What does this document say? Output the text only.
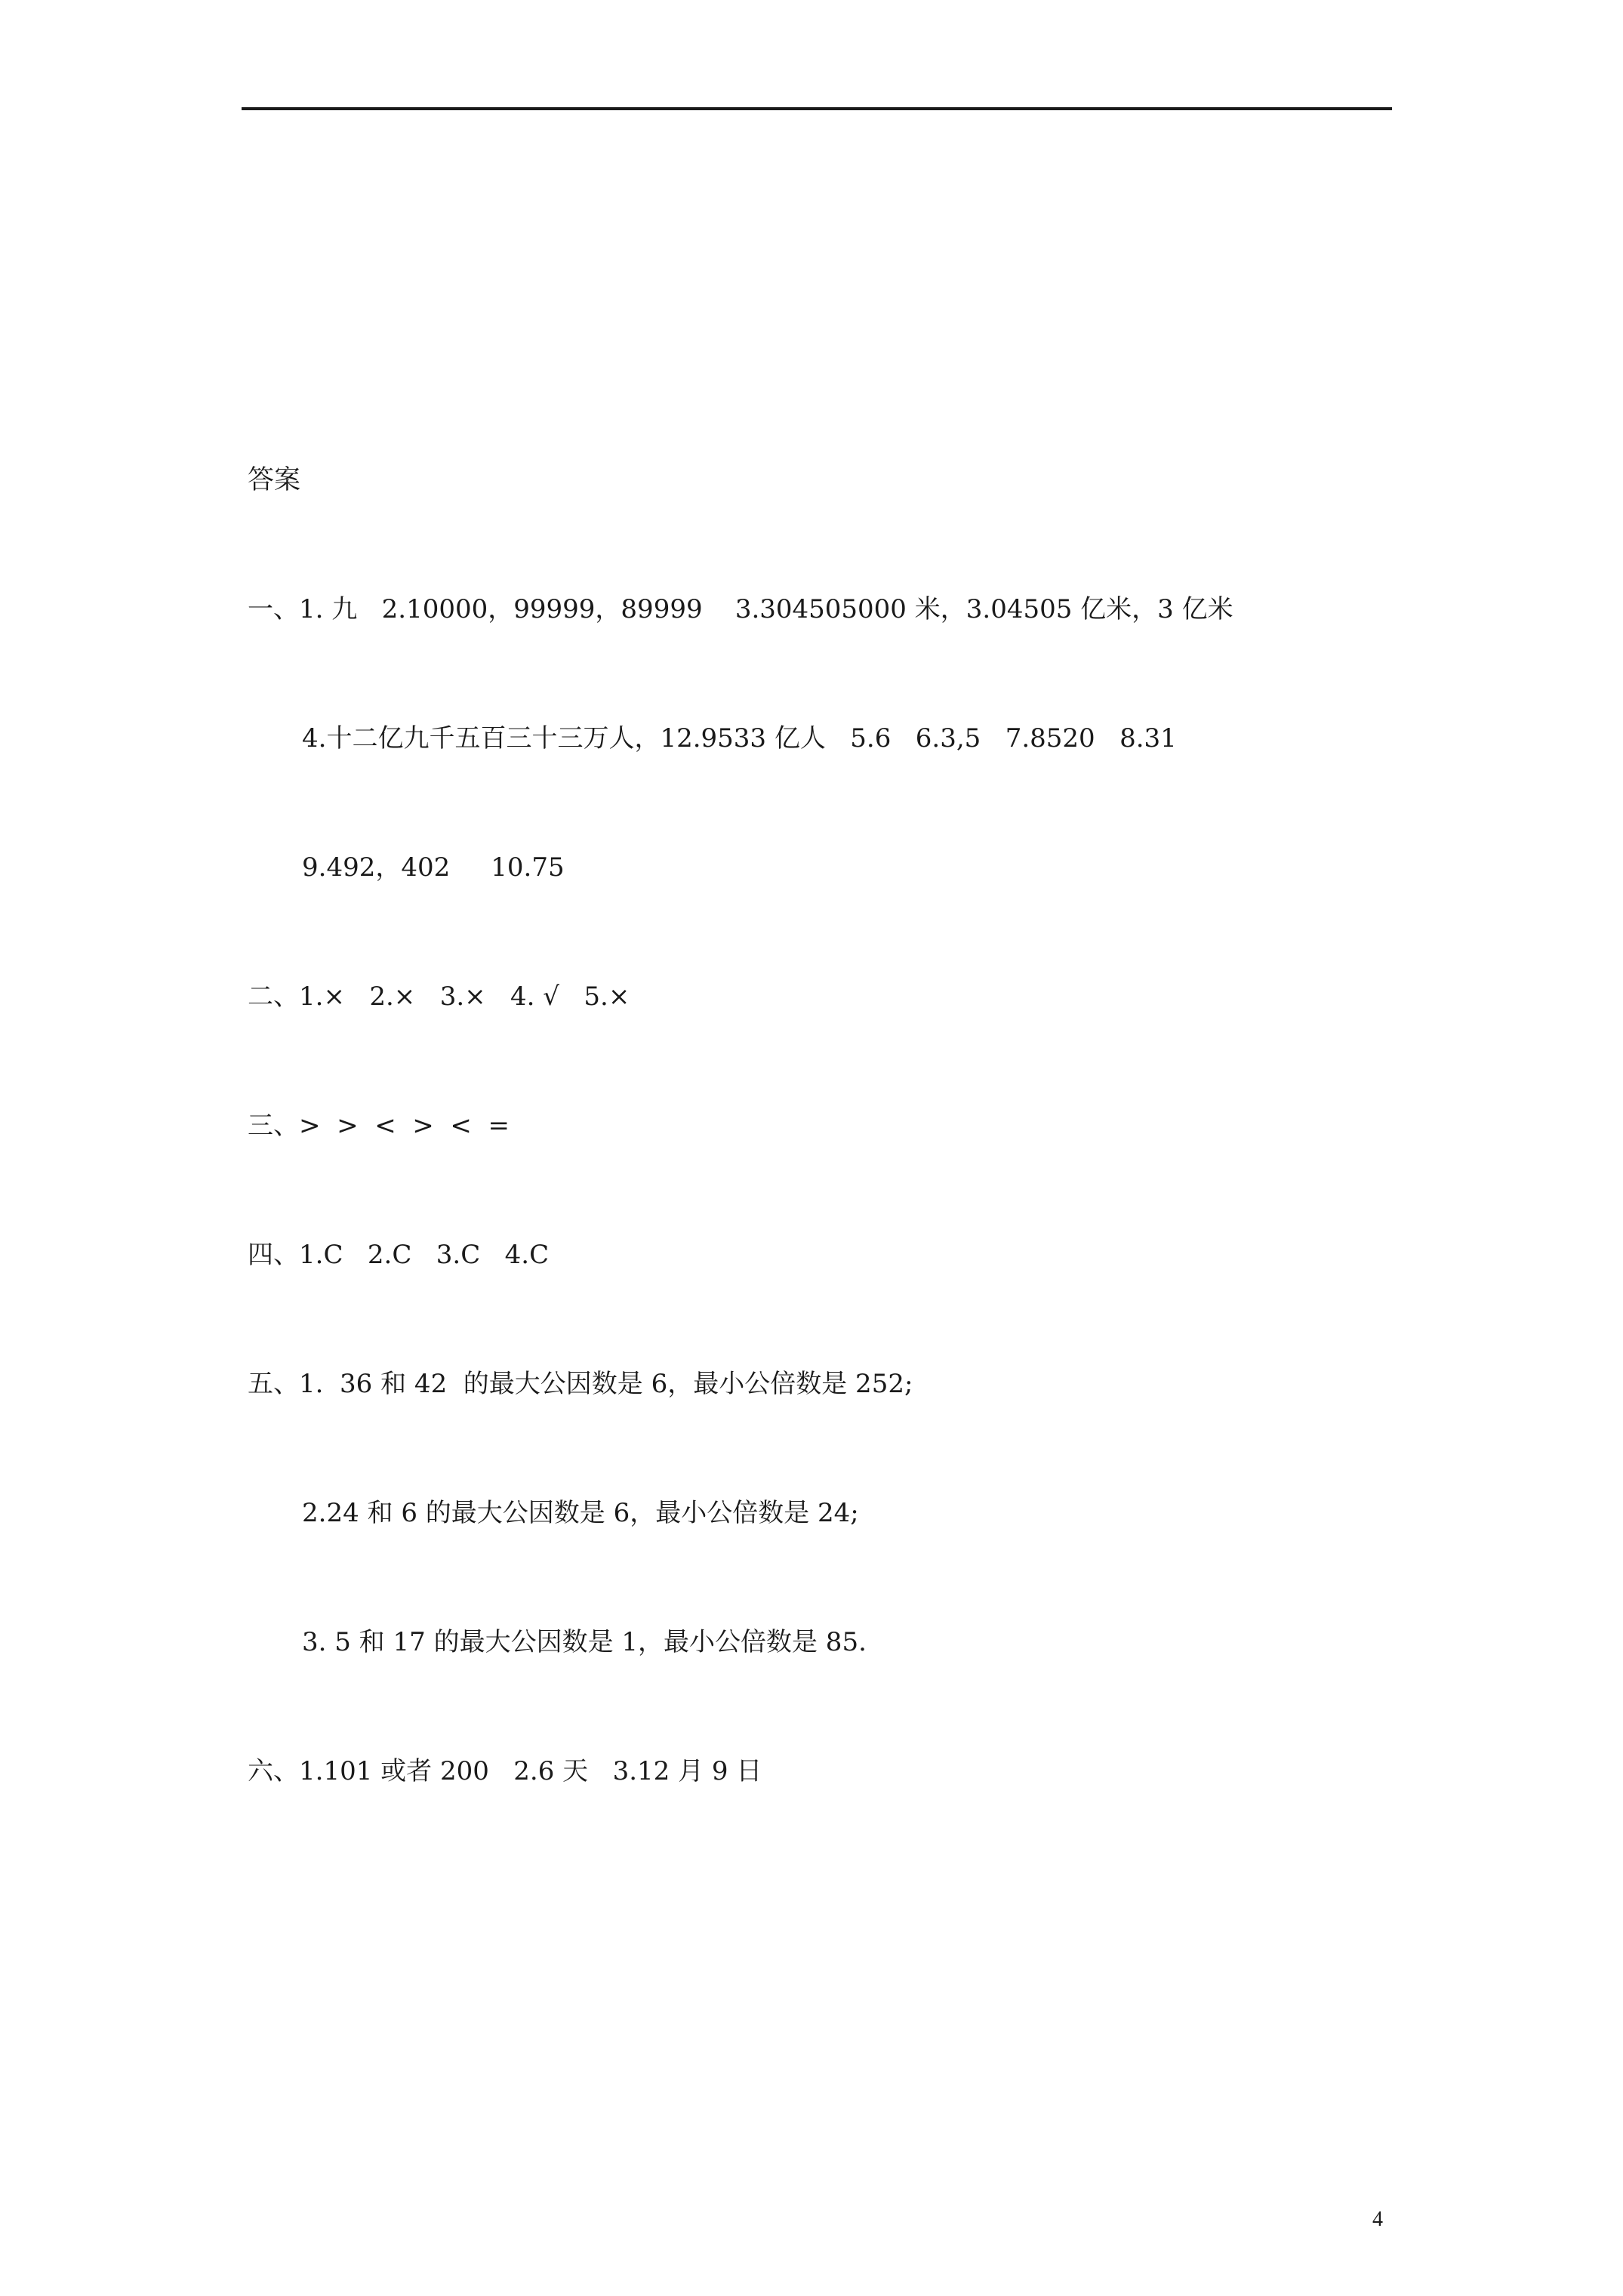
答案

一、1. 九   2.10000，99999，89999    3.304505000 米，3.04505 亿米，3 亿米

4.十二亿九千五百三十三万人，12.9533 亿人   5.6   6.3,5   7.8520   8.31

9.492，402     10.75

二、1.×   2.×   3.×   4. √   5.×

三、>  >  <  >  <  =

四、1.C   2.C   3.C   4.C

五、1.  36 和 42  的最大公因数是 6，最小公倍数是 252;

2.24 和 6 的最大公因数是 6，最小公倍数是 24;

3. 5 和 17 的最大公因数是 1，最小公倍数是 85.

六、1.101 或者 200   2.6 天   3.12 月 9 日

4
